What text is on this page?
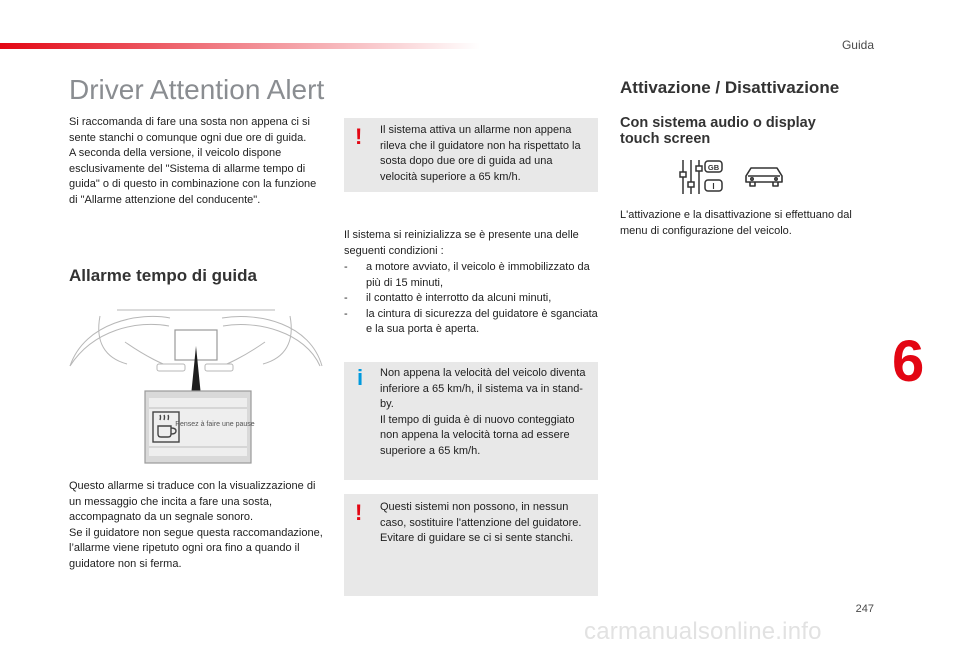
Guida
6
247
Driver Attention Alert

Si raccomanda di fare una sosta non appena ci si sente stanchi o comunque ogni due ore di guida.
A seconda della versione, il veicolo dispone esclusivamente del "Sistema di allarme tempo di guida" o di questo in combinazione con la funzione di "Allarme attenzione del conducente".

Allarme tempo di guida
Pensez à faire une pause

Questo allarme si traduce con la visualizzazione di un messaggio che incita a fare una sosta, accompagnato da un segnale sonoro.
Se il guidatore non segue questa raccomandazione, l’allarme viene ripetuto ogni ora fino a quando il guidatore non si ferma.

! Il sistema attiva un allarme non appena rileva che il guidatore non ha rispettato la sosta dopo due ore di guida ad una velocità superiore a 65 km/h.

Il sistema si reinizializza se è presente una delle seguenti condizioni :

- a motore avviato, il veicolo è immobilizzato da più di 15 minuti,
- il contatto è interrotto da alcuni minuti,
- la cintura di sicurezza del guidatore è sganciata e la sua porta è aperta.
i Non appena la velocità del veicolo diventa inferiore a 65 km/h, il sistema va in stand-by.
Il tempo di guida è di nuovo conteggiato non appena la velocità torna ad essere superiore a 65 km/h.

! Questi sistemi non possono, in nessun caso, sostituire l'attenzione del guidatore.
Evitare di guidare se ci si sente stanchi.

Attivazione / Disattivazione
Con sistema audio o display touch screen
GB
I

L'attivazione e la disattivazione si effettuano dal menu di configurazione del veicolo.

carmanualsonline.info
